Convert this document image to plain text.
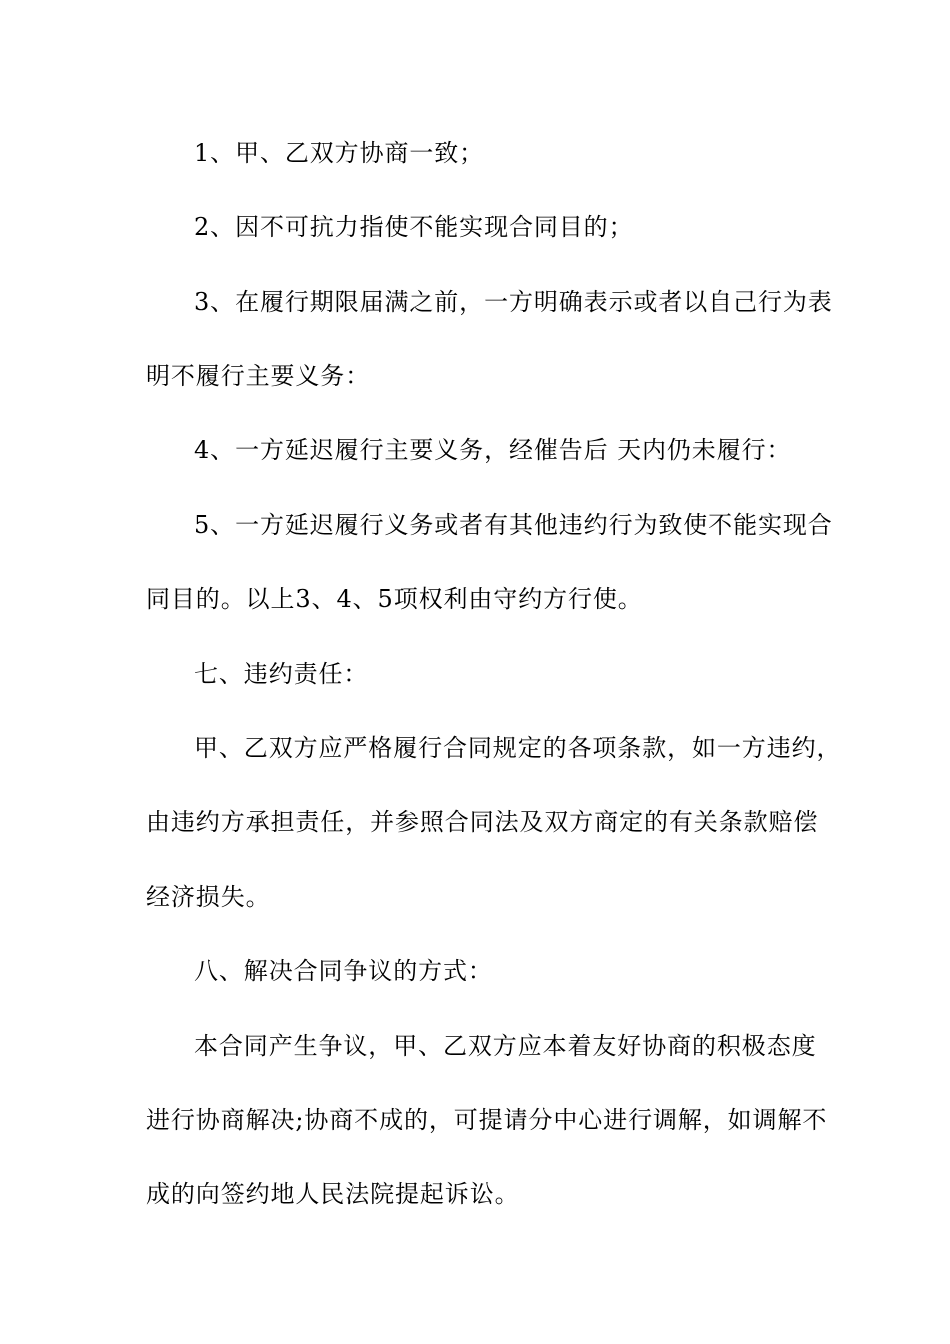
1、甲、乙双方协商一致；
2、因不可抗力指使不能实现合同目的；
3、在履行期限届满之前，一方明确表示或者以自己行为表
明不履行主要义务：
4、一方延迟履行主要义务，经催告后 天内仍未履行：
5、一方延迟履行义务或者有其他违约行为致使不能实现合
同目的。以上3、4、5项权利由守约方行使。
七、违约责任：
甲、乙双方应严格履行合同规定的各项条款，如一方违约，
由违约方承担责任，并参照合同法及双方商定的有关条款赔偿
经济损失。
八、解决合同争议的方式：
本合同产生争议，甲、乙双方应本着友好协商的积极态度
进行协商解决;协商不成的，可提请分中心进行调解，如调解不
成的向签约地人民法院提起诉讼。
